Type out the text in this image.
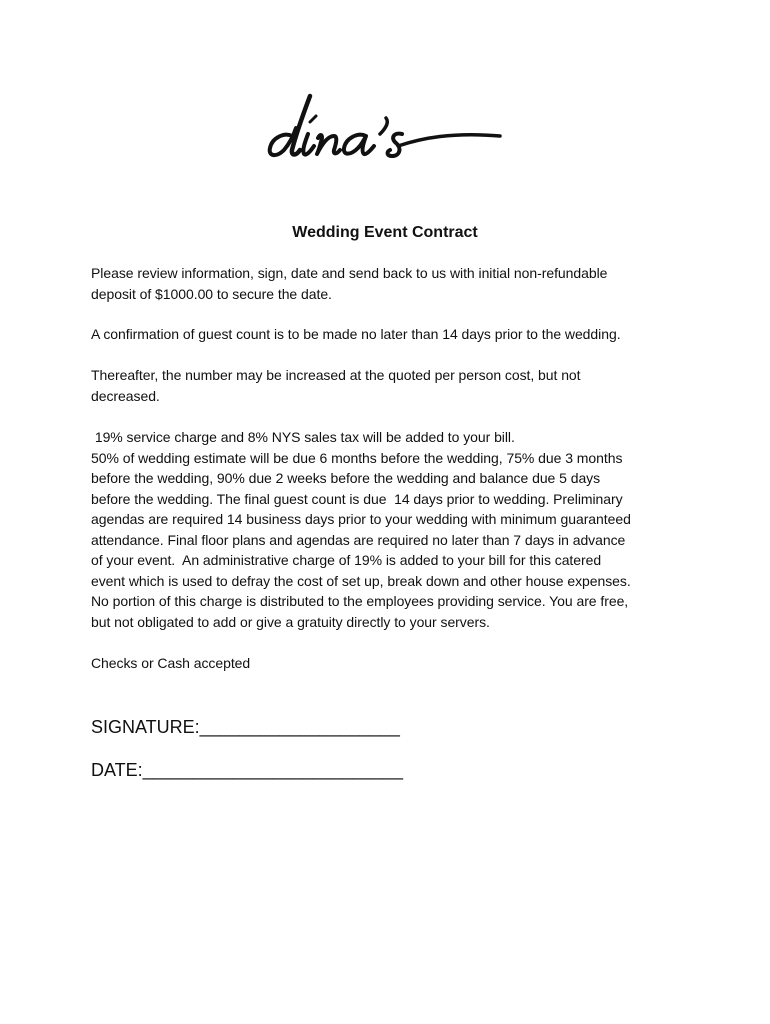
Wedding Event Contract

Please review information, sign, date and send back to us with initial non-refundable

deposit of $1000.00 to secure the date.

A confirmation of guest count is to be made no later than 14 days prior to the wedding.

Thereafter, the number may be increased at the quoted per person cost, but not

decreased.

19% service charge and 8% NYS sales tax will be added to your bill.

50% of wedding estimate will be due 6 months before the wedding, 75% due 3 months

before the wedding, 90% due 2 weeks before the wedding and balance due 5 days

before the wedding. The final guest count is due  14 days prior to wedding. Preliminary

agendas are required 14 business days prior to your wedding with minimum guaranteed

attendance. Final floor plans and agendas are required no later than 7 days in advance

of your event.  An administrative charge of 19% is added to your bill for this catered

event which is used to defray the cost of set up, break down and other house expenses.

No portion of this charge is distributed to the employees providing service. You are free,

but not obligated to add or give a gratuity directly to your servers.

Checks or Cash accepted

SIGNATURE:____________________
DATE:__________________________
